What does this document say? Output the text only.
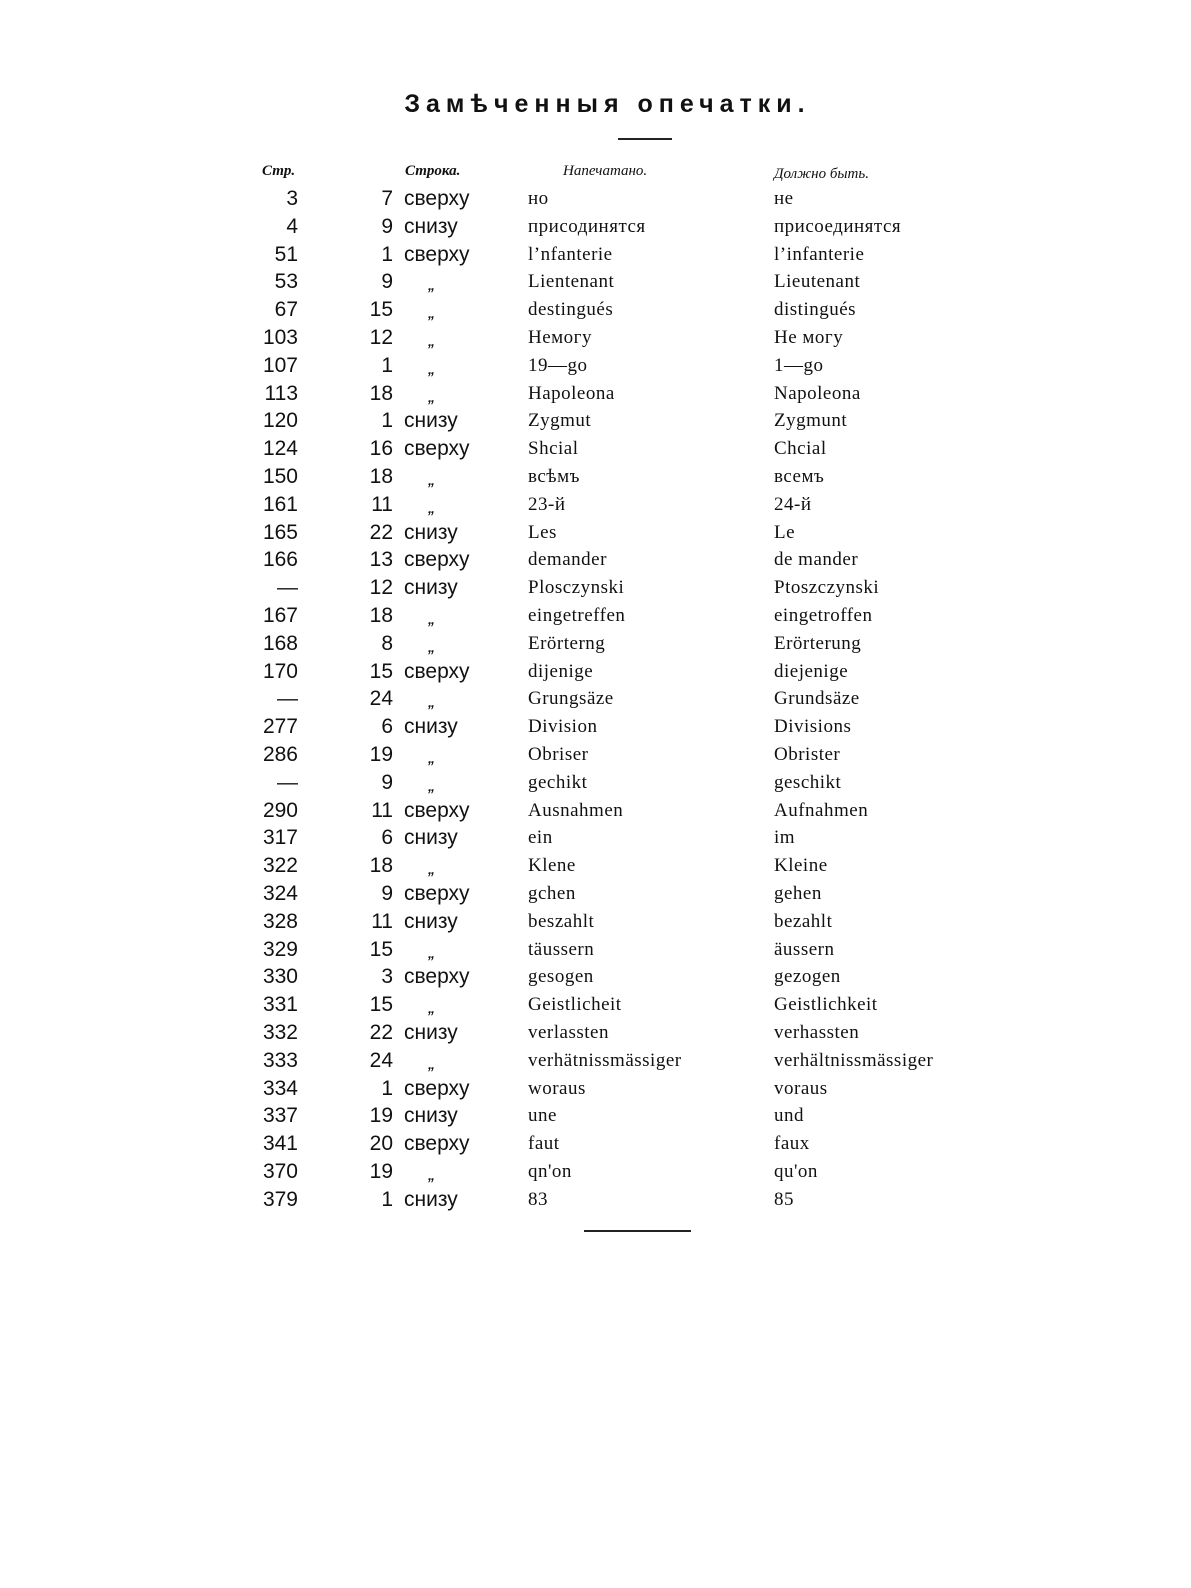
Замѣченныя опечатки.
Стр.	Строка.	Напечатано.	Должно быть.
3	7 сверху	но	не
4	9 снизу	присодинятся	присоединятся
51	1 сверху	l’nfanterie	l’infanterie
53	9	„	Lientenant	Lieutenant
67	15	„	destingués	distingués
103	12	„	Немогу	Не могу
107	1	„	19—go	1—go
113	18	„	Hapoleona	Napoleona
120	1 снизу	Zygmut	Zygmunt
124	16 сверху	Shcial	Chcial
150	18	„	всѣмъ	всемъ
161	11	„	23-й	24-й
165	22 снизу	Les	Le
166	13 сверху	demander	de mander
—	12 снизу	Plosczynski	Ptoszczynski
167	18	„	eingetreffen	eingetroffen
168	8	„	Erörterng	Erörterung
170	15 сверху	dijenige	diejenige
—	24	„	Grungsäze	Grundsäze
277	6 снизу	Division	Divisions
286	19	„	Obriser	Obrister
—	9	„	gechikt	geschikt
290	11 сверху	Ausnahmen	Aufnahmen
317	6 снизу	ein	im
322	18	„	Klene	Kleine
324	9 сверху	gchen	gehen
328	11 снизу	beszahlt	bezahlt
329	15	„	täussern	äussern
330	3 сверху	gesogen	gezogen
331	15	„	Geistlicheit	Geistlichkeit
332	22 снизу	verlassten	verhassten
333	24	„	verhätnissmässiger	verhältnissmässiger
334	1 сверху	woraus	voraus
337	19 снизу	une	und
341	20 сверху	faut	faux
370	19	„	qn'on	qu'on
379	1 снизу	83	85
